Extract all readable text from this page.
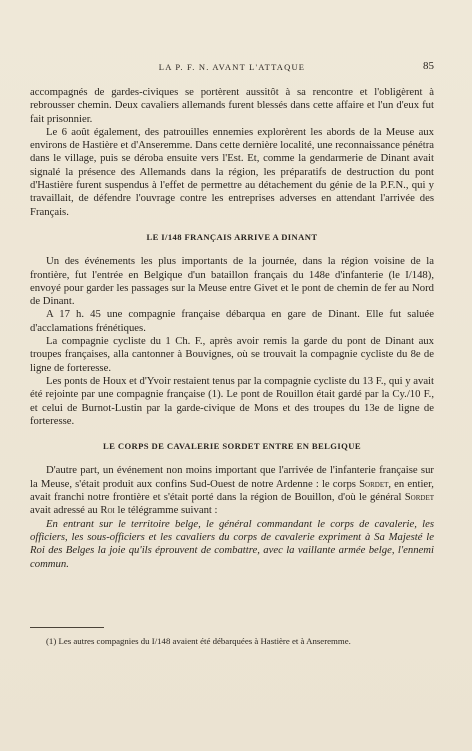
LA P. F. N. AVANT L'ATTAQUE	85

accompagnés de gardes-civiques se portèrent aussitôt à sa rencontre et l'obligèrent à rebrousser chemin. Deux cavaliers allemands furent blessés dans cette affaire et l'un d'eux fut fait prisonnier.

Le 6 août également, des patrouilles ennemies explorèrent les abords de la Meuse aux environs de Hastière et d'Anseremme. Dans cette dernière localité, une reconnaissance pénétra dans le village, puis se déroba ensuite vers l'Est. Et, comme la gendarmerie de Dinant avait signalé la présence des Allemands dans la région, les préparatifs de destruction du pont d'Hastière furent suspendus à l'effet de permettre au détachement du génie de la P.F.N., qui y travaillait, de défendre l'ouvrage contre les entreprises adverses en attendant l'arrivée des Français.

LE I/148 FRANÇAIS ARRIVE A DINANT

Un des événements les plus importants de la journée, dans la région voisine de la frontière, fut l'entrée en Belgique d'un bataillon français du 148e d'infanterie (le I/148), envoyé pour garder les passages sur la Meuse entre Givet et le pont de chemin de fer au Nord de Dinant.

A 17 h. 45 une compagnie française débarqua en gare de Dinant. Elle fut saluée d'acclamations frénétiques.

La compagnie cycliste du 1 Ch. F., après avoir remis la garde du pont de Dinant aux troupes françaises, alla cantonner à Bouvignes, où se trouvait la compagnie cycliste du 8e de ligne de forteresse.

Les ponts de Houx et d'Yvoir restaient tenus par la compagnie cycliste du 13 F., qui y avait été rejointe par une compagnie française (1). Le pont de Rouillon était gardé par la Cy./10 F., et celui de Burnot-Lustin par la garde-civique de Mons et des troupes du 13e de ligne de forteresse.

LE CORPS DE CAVALERIE SORDET ENTRE EN BELGIQUE

D'autre part, un événement non moins important que l'arrivée de l'infanterie française sur la Meuse, s'était produit aux confins Sud-Ouest de notre Ardenne : le corps Sordet, en entier, avait franchi notre frontière et s'était porté dans la région de Bouillon, d'où le général Sordet avait adressé au Roi le télégramme suivant :

En entrant sur le territoire belge, le général commandant le corps de cavalerie, les officiers, les sous-officiers et les cavaliers du corps de cavalerie expriment à Sa Majesté le Roi des Belges la joie qu'ils éprouvent de combattre, avec la vaillante armée belge, l'ennemi commun.

(1) Les autres compagnies du I/148 avaient été débarquées à Hastière et à Anseremme.
